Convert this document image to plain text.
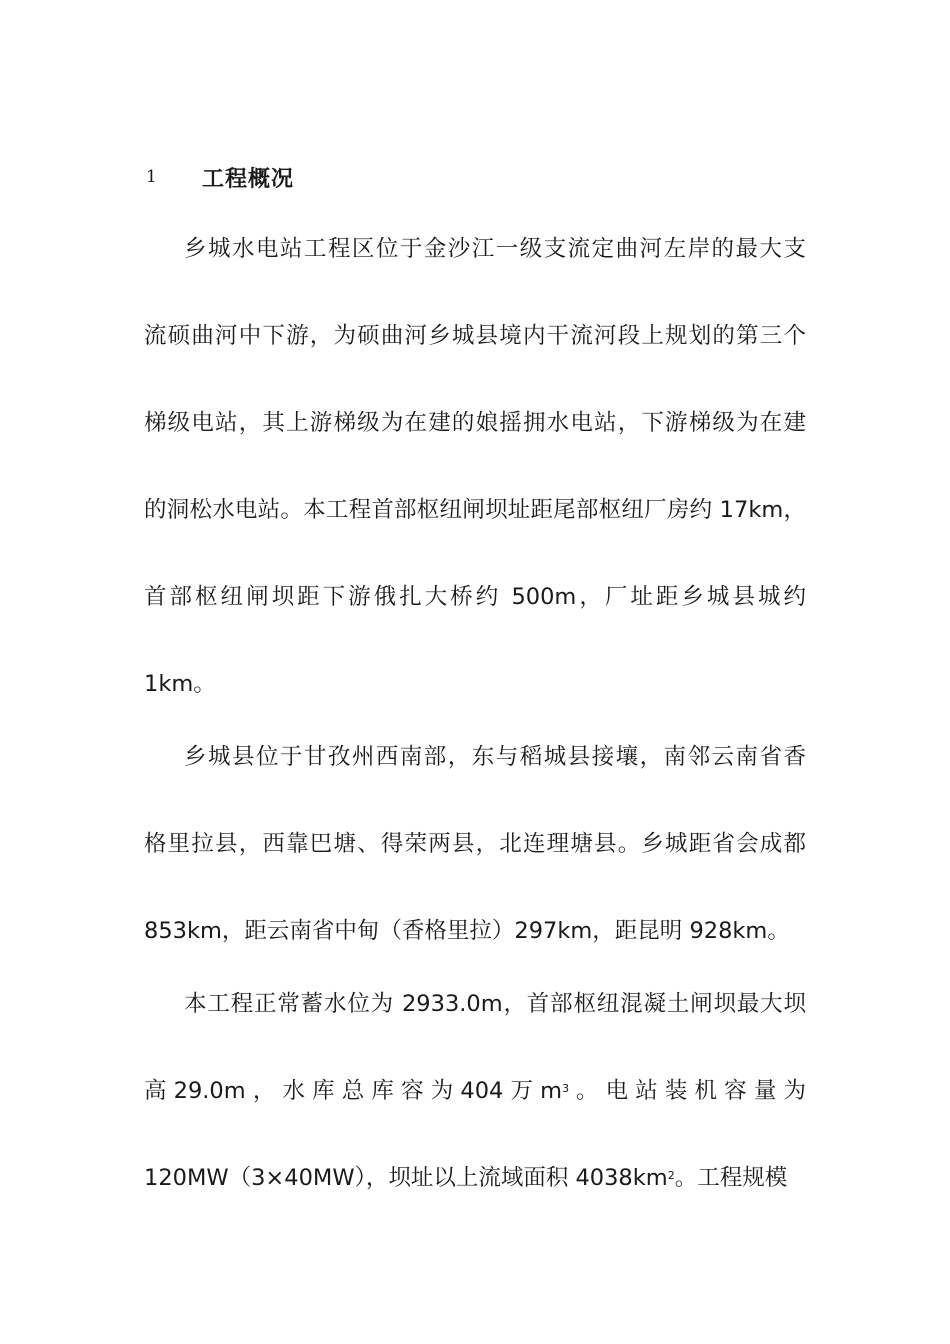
1	工程概况
乡城水电站工程区位于金沙江一级支流定曲河左岸的最大支
流硕曲河中下游，为硕曲河乡城县境内干流河段上规划的第三个
梯级电站，其上游梯级为在建的娘摇拥水电站，下游梯级为在建
的洞松水电站。本工程首部枢纽闸坝址距尾部枢纽厂房约 17km，
首部枢纽闸坝距下游俄扎大桥约 500m，厂址距乡城县城约
1km。
乡城县位于甘孜州西南部，东与稻城县接壤，南邻云南省香
格里拉县，西靠巴塘、得荣两县，北连理塘县。乡城距省会成都
853km，距云南省中甸（香格里拉）297km，距昆明 928km。
本工程正常蓄水位为 2933.0m，首部枢纽混凝土闸坝最大坝
高 29.0m ， 水 库 总 库 容 为 404 万 $m^3$ 。 电 站 装 机 容 量 为
120MW（3×40MW），坝址以上流域面积 $4038km^2$。工程规模
